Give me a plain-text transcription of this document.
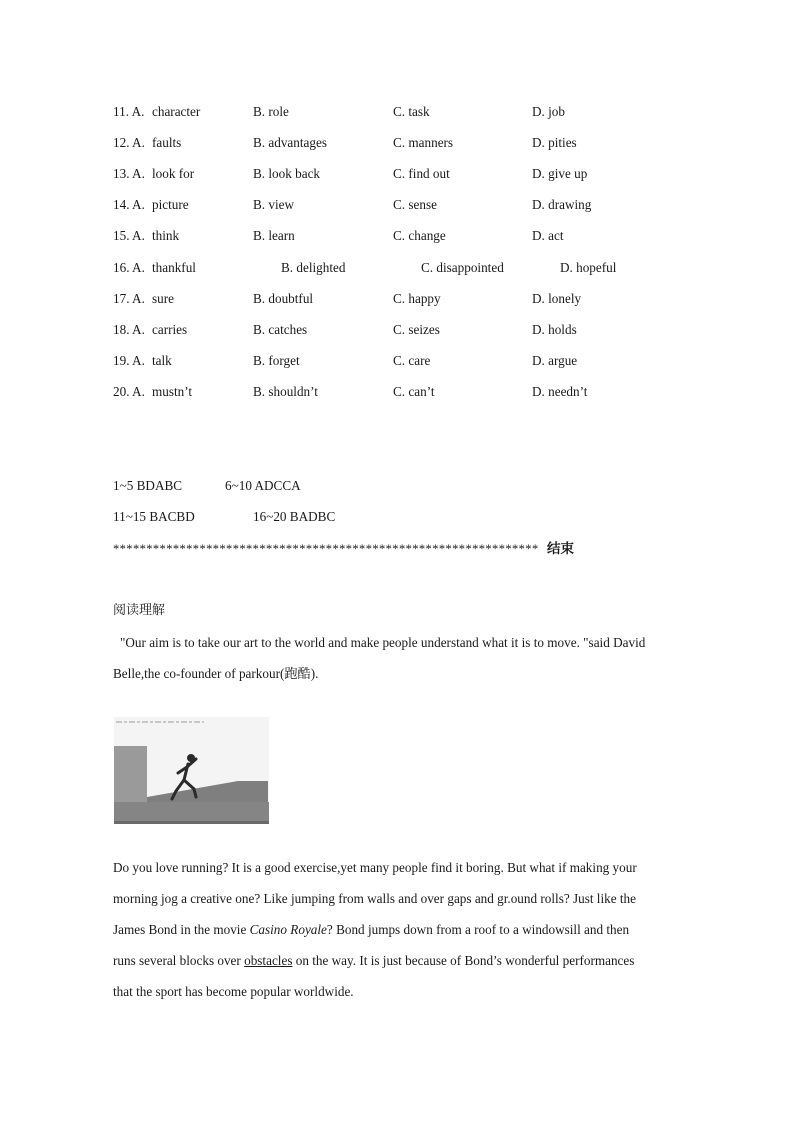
11. A. character	B. role	C. task	D. job
12. A. faults	B. advantages	C. manners	D. pities
13. A. look for	B. look back	C. find out	D. give up
14. A. picture	B. view	C. sense	D. drawing
15. A. think	B. learn	C. change	D. act
16. A. thankful	B. delighted	C. disappointed	D. hopeful
17. A. sure	B. doubtful	C. happy	D. lonely
18. A. carries	B. catches	C. seizes	D. holds
19. A. talk	B. forget	C. care	D. argue
20. A. mustn’t	B. shouldn’t	C. can’t	D. needn’t
1~5 BDABC	6~10 ADCCA
11~15 BACBD	16~20 BADBC
**************************************************************** 结束
阅读理解
"Our aim is to take our art to the world and make people understand what it is to move. "said David
Belle,the co-founder of parkour(跑酷).
Do you love running? It is a good exercise,yet many people find it boring. But what if making your
morning jog a creative one? Like jumping from walls and over gaps and gr.ound rolls? Just like the
James Bond in the movie Casino Royale? Bond jumps down from a roof to a windowsill and then
runs several blocks over obstacles on the way. It is just because of Bond’s wonderful performances
that the sport has become popular worldwide.
